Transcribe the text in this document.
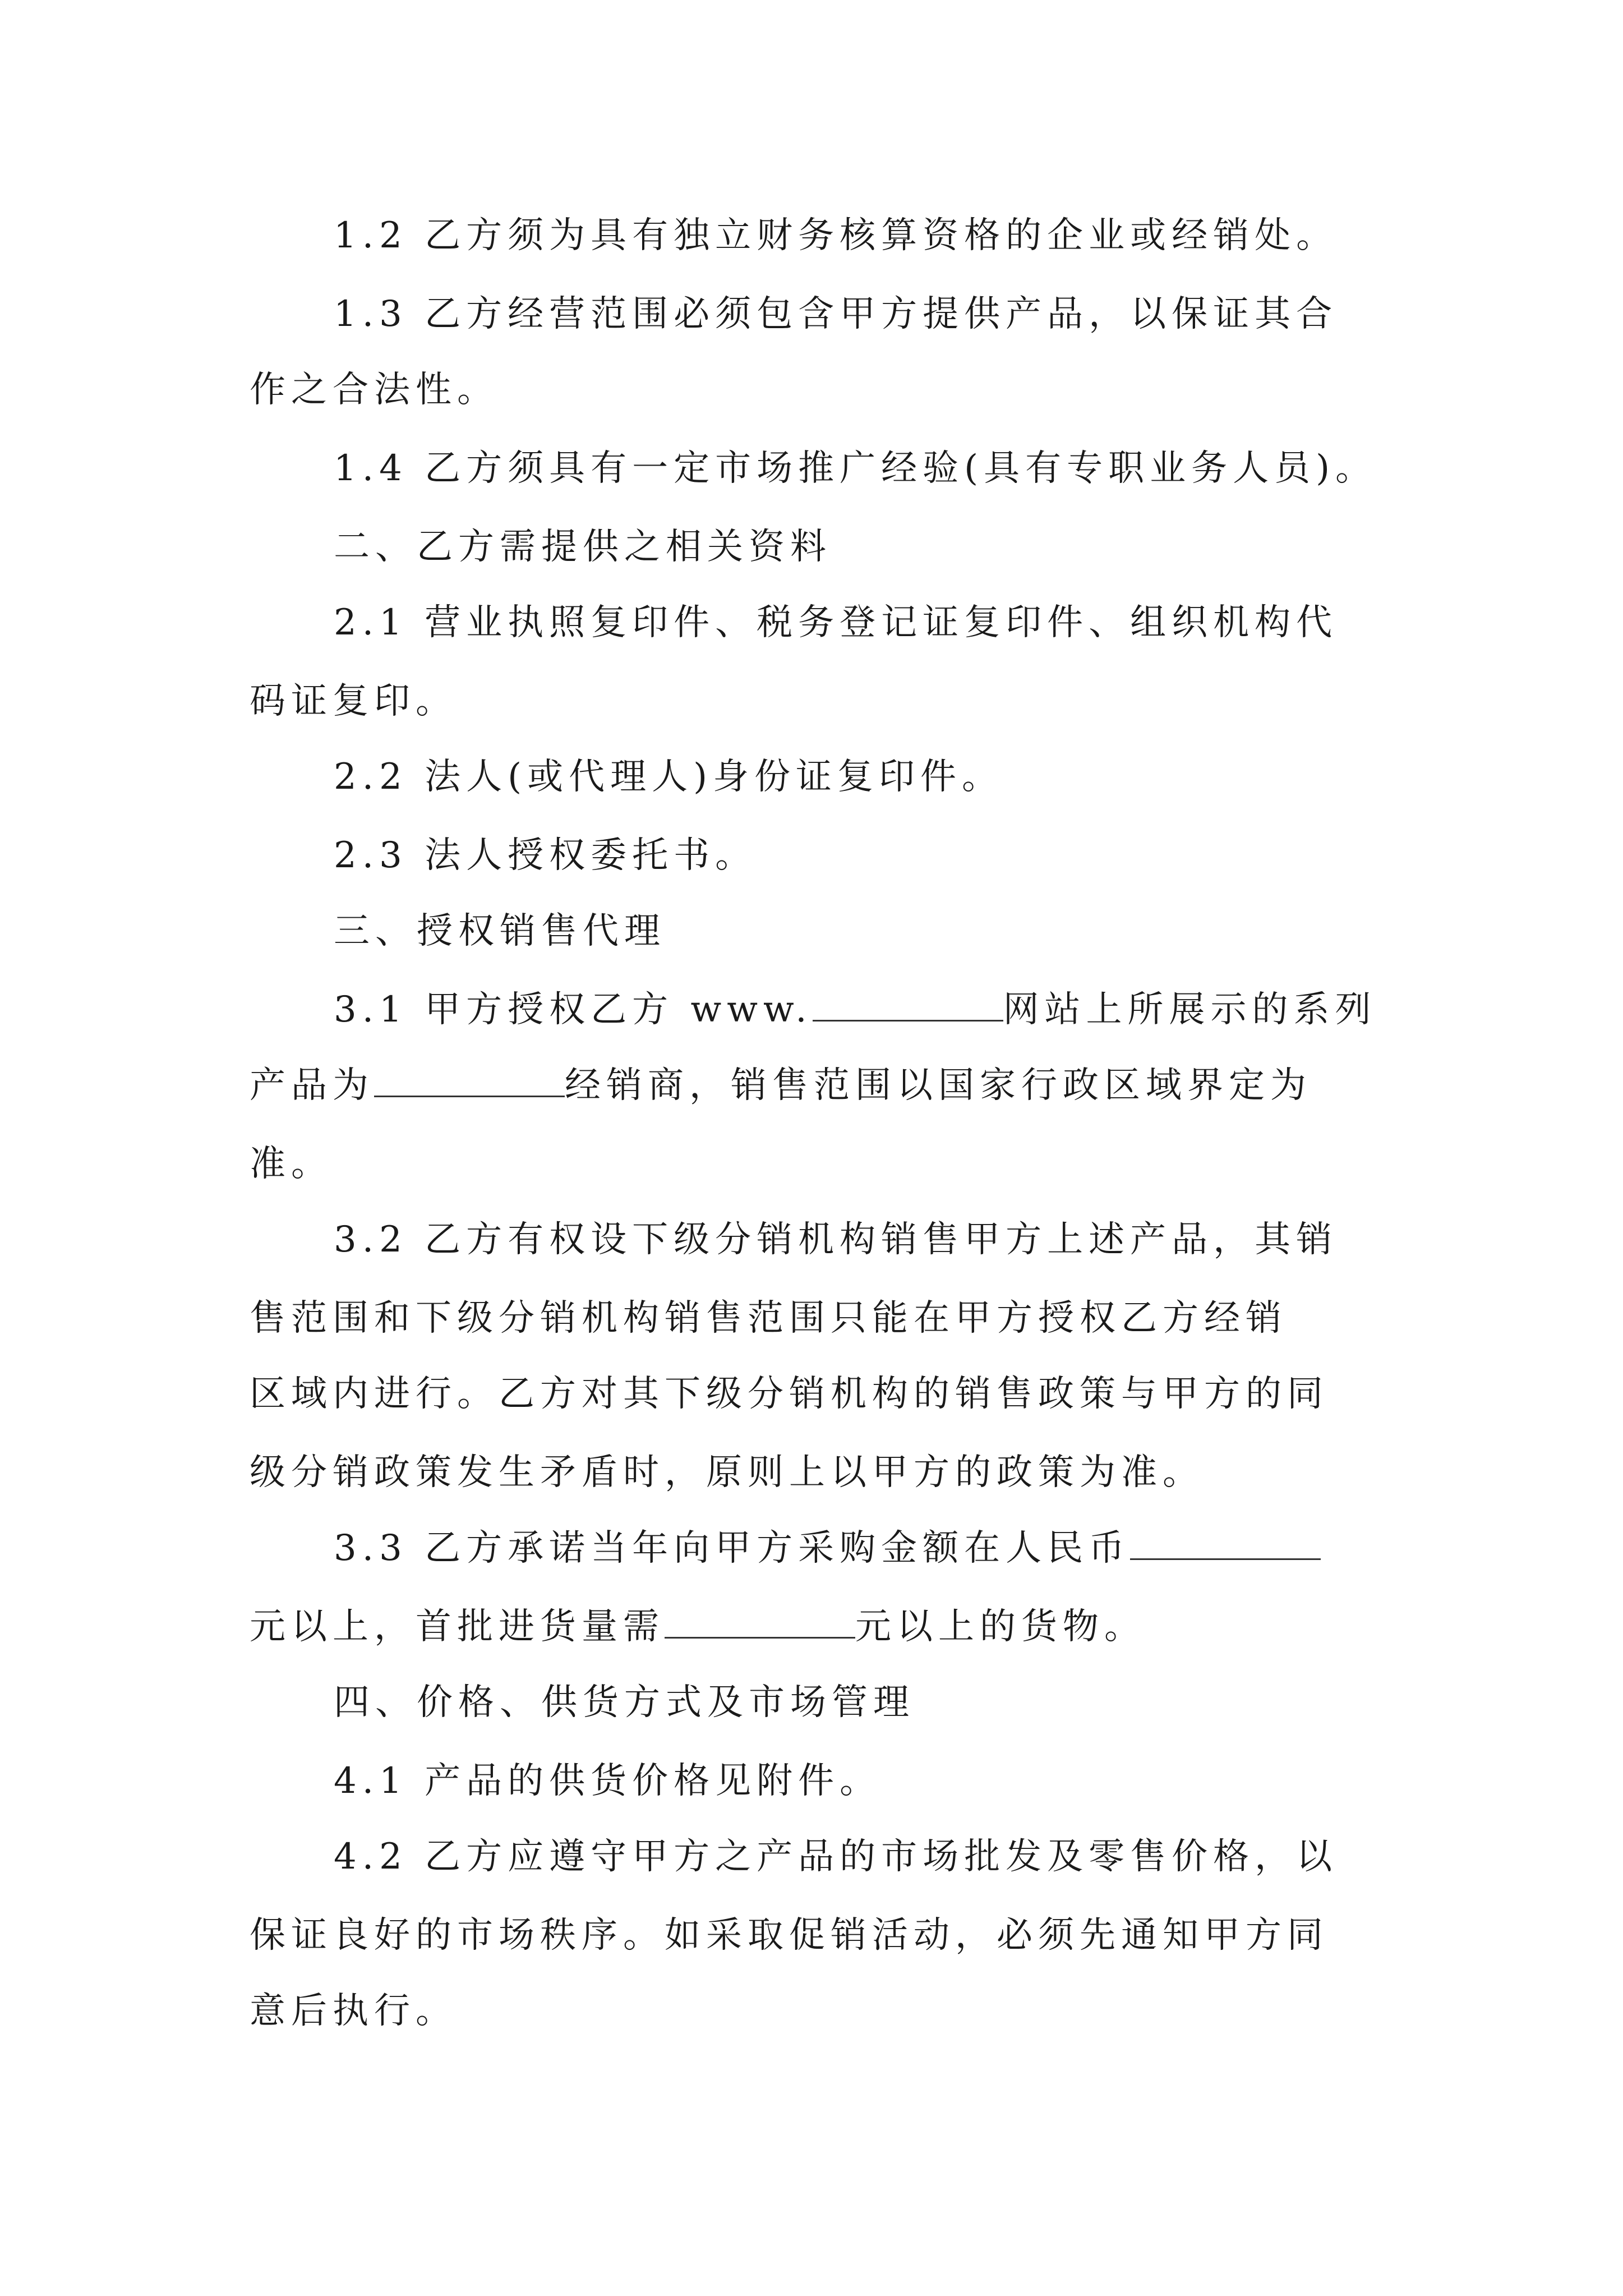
1.2 乙方须为具有独立财务核算资格的企业或经销处。
1.3 乙方经营范围必须包含甲方提供产品，以保证其合
作之合法性。
1.4 乙方须具有一定市场推广经验(具有专职业务人员)。
二、乙方需提供之相关资料
2.1 营业执照复印件、税务登记证复印件、组织机构代
码证复印。
2.2 法人(或代理人)身份证复印件。
2.3 法人授权委托书。
三、授权销售代理
3.1 甲方授权乙方 www.	网站上所展示的系列
产品为	经销商，销售范围以国家行政区域界定为
准。
3.2 乙方有权设下级分销机构销售甲方上述产品，其销
售范围和下级分销机构销售范围只能在甲方授权乙方经销
区域内进行。乙方对其下级分销机构的销售政策与甲方的同
级分销政策发生矛盾时，原则上以甲方的政策为准。
3.3 乙方承诺当年向甲方采购金额在人民币
元以上，首批进货量需	元以上的货物。
四、价格、供货方式及市场管理
4.1 产品的供货价格见附件。
4.2 乙方应遵守甲方之产品的市场批发及零售价格，以
保证良好的市场秩序。如采取促销活动，必须先通知甲方同
意后执行。
